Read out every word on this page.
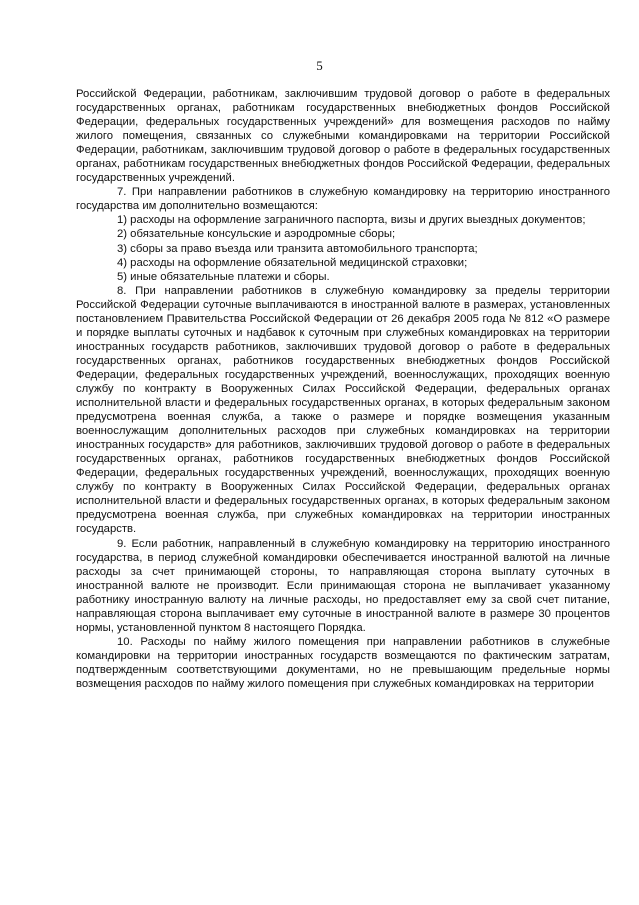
5

Российской Федерации, работникам, заключившим трудовой договор о работе в федеральных государственных органах, работникам государственных внебюджетных фондов Российской Федерации, федеральных государственных учреждений» для возмещения расходов по найму жилого помещения, связанных со служебными командировками на территории Российской Федерации, работникам, заключившим трудовой договор о работе в федеральных государственных органах, работникам государственных внебюджетных фондов Российской Федерации, федеральных государственных учреждений.

7. При направлении работников в служебную командировку на территорию иностранного государства им дополнительно возмещаются:

1) расходы на оформление заграничного паспорта, визы и других выездных документов;

2) обязательные консульские и аэродромные сборы;

3) сборы за право въезда или транзита автомобильного транспорта;

4) расходы на оформление обязательной медицинской страховки;

5) иные обязательные платежи и сборы.

8. При направлении работников в служебную командировку за пределы территории Российской Федерации суточные выплачиваются в иностранной валюте в размерах, установленных постановлением Правительства Российской Федерации от 26 декабря 2005 года № 812 «О размере и порядке выплаты суточных и надбавок к суточным при служебных командировках на территории иностранных государств работников, заключивших трудовой договор о работе в федеральных государственных органах, работников государственных внебюджетных фондов Российской Федерации, федеральных государственных учреждений, военнослужащих, проходящих военную службу по контракту в Вооруженных Силах Российской Федерации, федеральных органах исполнительной власти и федеральных государственных органах, в которых федеральным законом предусмотрена военная служба, а также о размере и порядке возмещения указанным военнослужащим дополнительных расходов при служебных командировках на территории иностранных государств» для работников, заключивших трудовой договор о работе в федеральных государственных органах, работников государственных внебюджетных фондов Российской Федерации, федеральных государственных учреждений, военнослужащих, проходящих военную службу по контракту в Вооруженных Силах Российской Федерации, федеральных органах исполнительной власти и федеральных государственных органах, в которых федеральным законом предусмотрена военная служба, при служебных командировках на территории иностранных государств.

9. Если работник, направленный в служебную командировку на территорию иностранного государства, в период служебной командировки обеспечивается иностранной валютой на личные расходы за счет принимающей стороны, то направляющая сторона выплату суточных в иностранной валюте не производит. Если принимающая сторона не выплачивает указанному работнику иностранную валюту на личные расходы, но предоставляет ему за свой счет питание, направляющая сторона выплачивает ему суточные в иностранной валюте в размере 30 процентов нормы, установленной пунктом 8 настоящего Порядка.

10. Расходы по найму жилого помещения при направлении работников в служебные командировки на территории иностранных государств возмещаются по фактическим затратам, подтвержденным соответствующими документами, но не превышающим предельные нормы возмещения расходов по найму жилого помещения при служебных командировках на территории
